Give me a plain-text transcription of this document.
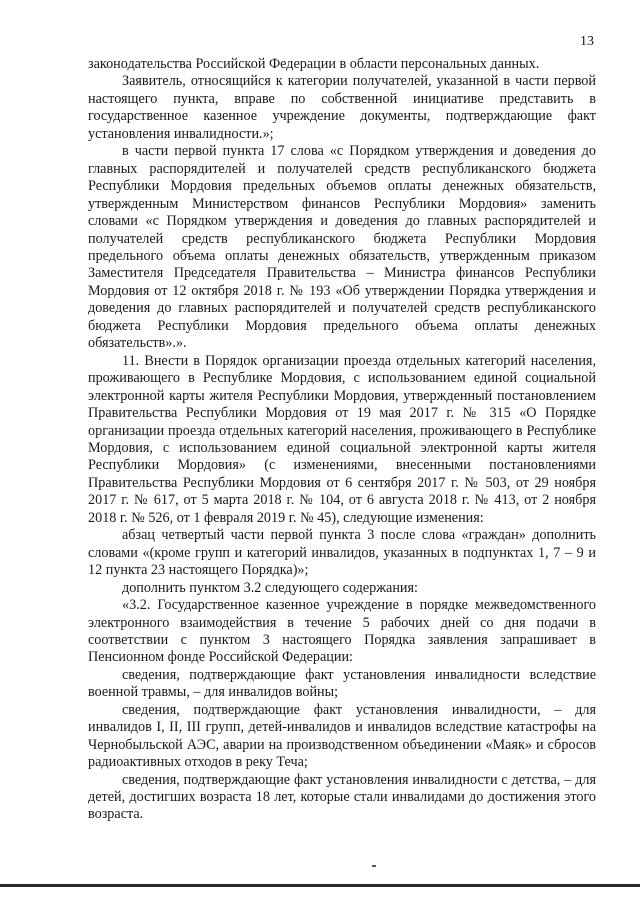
13

законодательства Российской Федерации в области персональных данных.

Заявитель, относящийся к категории получателей, указанной в части первой настоящего пункта, вправе по собственной инициативе представить в государственное казенное учреждение документы, подтверждающие факт установления инвалидности.»;

в части первой пункта 17 слова «с Порядком утверждения и доведения до главных распорядителей и получателей средств республиканского бюджета Республики Мордовия предельных объемов оплаты денежных обязательств, утвержденным Министерством финансов Республики Мордовия» заменить словами «с Порядком утверждения и доведения до главных распорядителей и получателей средств республиканского бюджета Республики Мордовия предельного объема оплаты денежных обязательств, утвержденным приказом Заместителя Председателя Правительства – Министра финансов Республики Мордовия от 12 октября 2018 г. № 193 «Об утверждении Порядка утверждения и доведения до главных распорядителей и получателей средств республиканского бюджета Республики Мордовия предельного объема оплаты денежных обязательств».».

11. Внести в Порядок организации проезда отдельных категорий населения, проживающего в Республике Мордовия, с использованием единой социальной электронной карты жителя Республики Мордовия, утвержденный постановлением Правительства Республики Мордовия от 19 мая 2017 г. № 315 «О Порядке организации проезда отдельных категорий населения, проживающего в Республике Мордовия, с использованием единой социальной электронной карты жителя Республики Мордовия» (с изменениями, внесенными постановлениями Правительства Республики Мордовия от 6 сентября 2017 г. № 503, от 29 ноября 2017 г. № 617, от 5 марта 2018 г. № 104, от 6 августа 2018 г. № 413, от 2 ноября 2018 г. № 526, от 1 февраля 2019 г. № 45), следующие изменения:

абзац четвертый части первой пункта 3 после слова «граждан» дополнить словами «(кроме групп и категорий инвалидов, указанных в подпунктах 1, 7 – 9 и 12 пункта 23 настоящего Порядка)»;

дополнить пунктом 3.2 следующего содержания:

«3.2. Государственное казенное учреждение в порядке межведомственного электронного взаимодействия в течение 5 рабочих дней со дня подачи в соответствии с пунктом 3 настоящего Порядка заявления запрашивает в Пенсионном фонде Российской Федерации:

сведения, подтверждающие факт установления инвалидности вследствие военной травмы, – для инвалидов войны;

сведения, подтверждающие факт установления инвалидности, – для инвалидов I, II, III групп, детей-инвалидов и инвалидов вследствие катастрофы на Чернобыльской АЭС, аварии на производственном объединении «Маяк» и сбросов радиоактивных отходов в реку Теча;

сведения, подтверждающие факт установления инвалидности с детства, – для детей, достигших возраста 18 лет, которые стали инвалидами до достижения этого возраста.
